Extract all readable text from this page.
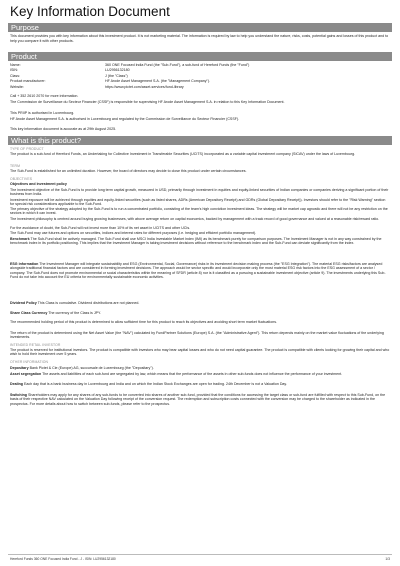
Key Information Document
Purpose
This document provides you with key information about this investment product. It is not marketing material. The information is required by law to help you understand the nature, risks, costs, potential gains and losses of this product and to help you compare it with other products.
Product
Name:	360 ONE Focused India Fund (the "Sub-Fund"), a sub-fund of Hereford Funds (the "Fund")
ISIN:	LU2956132180
Class:	J (the "Class")
Product manufacturer:	HF Arode Asset Management S.A. (the "Management Company").
Website:	https://www.pictet.com/asset-services/fund-library
Call + 352 2610 2070 for more information.
The Commission de Surveillance du Secteur Financier (CSSF) is responsible for supervising HF Arode Asset Management S.A. in relation to this Key Information Document.
This PRIIP is authorised in Luxembourg.
HF Arode Asset Management S.A. is authorised in Luxembourg and regulated by the Commission de Surveillance du Secteur Financier (CSSF).
This key information document is accurate as at 29th August 2025.
What is this product?
TYPE OF PRODUCT
The product is a sub-fund of Hereford Funds, an Undertaking for Collective Investment in Transferable Securities (UCITS) incorporated as a variable capital investment company (SICAV) under the laws of Luxembourg.
TERM
The Sub-Fund is established for an unlimited duration. However, the board of directors may decide to close this product under certain circumstances.
OBJECTIVES
Objectives and investment policy
The investment objective of the Sub-Fund is to provide long term capital growth, measured in USD, primarily through investment in equities and equity-linked securities of Indian companies or companies deriving a significant portion of their business from India.
Investment exposure will be achieved through equities and equity-linked securities (such as listed shares, ADRs (American Depository Receipt) and GDRs (Global Depositary Receipt)). Investors should refer to the "Risk Warning" section for special risk considerations applicable to the Sub-Fund.
The primary objective of the strategy adopted by the Sub-Fund is to run a concentrated portfolio, consisting of the team's high conviction investment ideas. The strategy will be market cap agnostic and there will not be any restriction on the sectors in which it can invest.
The investment philosophy is centred around buying growing businesses, with above average return on capital economics, backed by management with a track record of good governance and valued at a reasonable risk/reward ratio.
For the avoidance of doubt, the Sub-Fund will not invest more than 10% of its net asset in UCITS and other UCIs.
The Sub-Fund may use futures and options on securities, indices and interest rates for different purposes (i.e. hedging and efficient portfolio management).
Benchmark The Sub-Fund shall be actively managed. The Sub-Fund shall use MSCI India Investable Market Index (IMI) as its benchmark purely for comparison purposes. The Investment Manager is not in any way constrained by the benchmark index in its portfolio positioning. This implies that the Investment Manager is taking investment decisions without reference to the benchmark index and the Sub-Fund can deviate significantly from the index.
ESG information The Investment Manager will integrate sustainability and ESG (Environmental, Social, Governance) risks in its investment decision making process (the "ESG Integration"). The material ESG risks/factors are analysed alongside traditional financial factors and are considered in forming investment decisions. The approach would be sector specific and would incorporate only the most material ESG risk factors into the ESG assessment of a sector / company. The Sub-Fund does not promote environmental or social characteristics within the meaning of SFDR (article 8) nor is it classified as a pursuing a sustainable investment objective (article 9). The investments underlying this Sub-Fund do not take into account the EU criteria for environmentally sustainable economic activities.
Dividend Policy This Class is cumulative. Dividend distributions are not planned.
Share Class Currency The currency of the Class is JPY.
The recommended holding period of this product is determined to allow sufficient time for this product to reach its objectives and avoiding short term market fluctuations.
The return of the product is determined using the Net Asset Value (the "NAV") calculated by FundPartner Solutions (Europe) S.A. (the "Administrative Agent"). This return depends mainly on the market value fluctuations of the underlying investments.
INTENDED RETAIL INVESTOR
The product is reserved for institutional investors. The product is compatible with investors who may bear capital losses and who do not need capital guarantee. The product is compatible with clients looking for growing their capital and who wish to hold their investment over 5 years.
OTHER INFORMATION
Depositary Bank Pictet & Cie (Europe) AG, succursale de Luxembourg (the "Depositary").
Asset segregation The assets and liabilities of each sub-fund are segregated by law, which means that the performance of the assets in other sub-funds does not influence the performance of your investment.
Dealing Each day that is a bank business day in Luxembourg and India and on which the Indian Stock Exchanges are open for trading. 24th December is not a Valuation Day.
Switching Shareholders may apply for any shares of any sub-funds to be converted into shares of another sub-fund, provided that the conditions for accessing the target class or sub-fund are fulfilled with respect to this Sub-Fund, on the basis of their respective NAV calculated on the Valuation Day following receipt of the conversion request. The redemption and subscription costs connected with the conversion may be charged to the shareholder as indicated in the prospectus. For more details about how to switch between sub-funds, please refer to the prospectus.
Hereford Funds 360 ONE Focused India Fund - J - ISIN: LU2956132180	1/3
